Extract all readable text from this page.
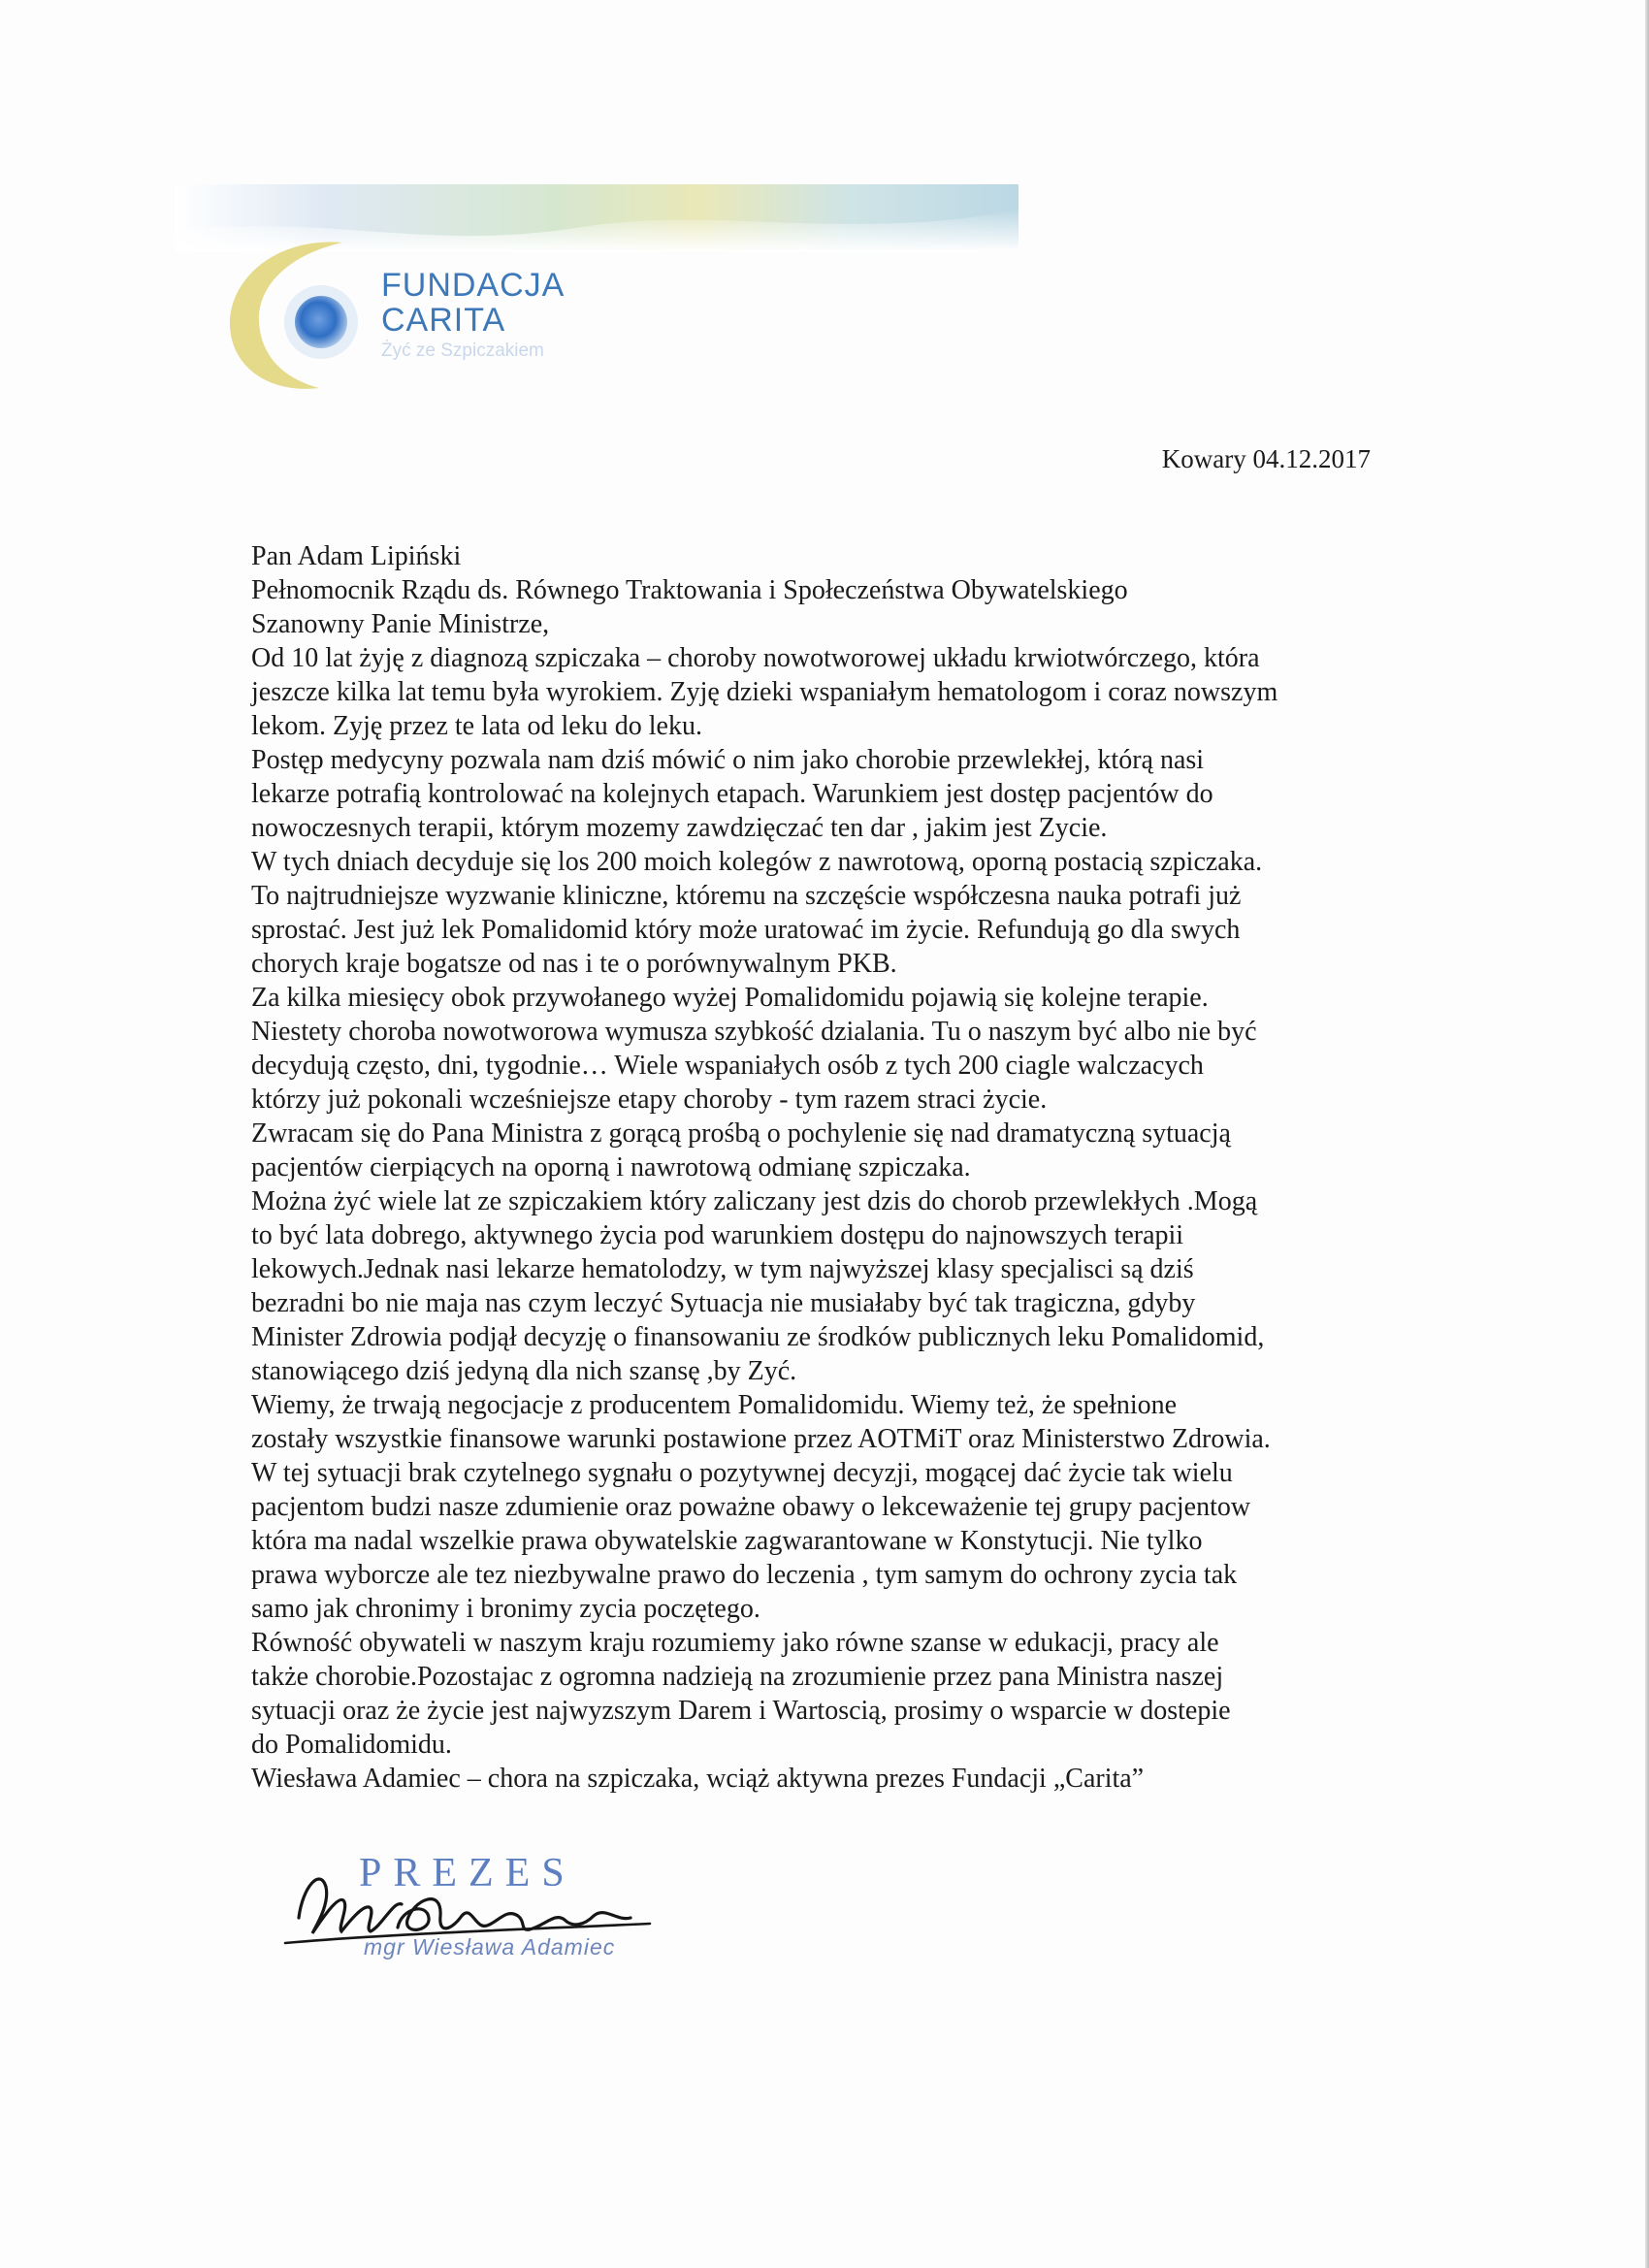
FUNDACJA
CARITA
Żyć ze Szpiczakiem
Kowary 04.12.2017

Pan Adam Lipiński

Pełnomocnik Rządu ds. Równego Traktowania i Społeczeństwa Obywatelskiego

Szanowny Panie Ministrze,

Od 10 lat żyję z diagnozą szpiczaka – choroby nowotworowej układu krwiotwórczego, która

jeszcze kilka lat temu była wyrokiem. Zyję dzieki wspaniałym hematologom i coraz nowszym

lekom. Zyję przez te lata od leku do leku.

Postęp medycyny pozwala nam dziś mówić o nim jako chorobie przewlekłej, którą nasi

lekarze potrafią kontrolować na kolejnych etapach. Warunkiem jest dostęp pacjentów do

nowoczesnych terapii, którym mozemy zawdzięczać ten dar , jakim jest Zycie.

W tych dniach decyduje się los 200 moich kolegów z nawrotową, oporną postacią szpiczaka.

To najtrudniejsze wyzwanie kliniczne, któremu na szczęście współczesna nauka potrafi już

sprostać. Jest już lek Pomalidomid który może uratować im życie. Refundują go dla swych

chorych kraje bogatsze od nas i te o porównywalnym PKB.

Za kilka miesięcy obok przywołanego wyżej Pomalidomidu pojawią się kolejne terapie.

Niestety choroba nowotworowa wymusza szybkość dzialania. Tu o naszym być albo nie być

decydują często, dni, tygodnie… Wiele wspaniałych osób z tych 200 ciagle walczacych

którzy już pokonali wcześniejsze etapy choroby - tym razem straci życie.

Zwracam się do Pana Ministra z gorącą prośbą o pochylenie się nad dramatyczną sytuacją

pacjentów cierpiących na oporną i nawrotową odmianę szpiczaka.

Można żyć wiele lat ze szpiczakiem który zaliczany jest dzis do chorob przewlekłych .Mogą

to być lata dobrego, aktywnego życia pod warunkiem dostępu do najnowszych terapii

lekowych.Jednak nasi lekarze hematolodzy, w tym najwyższej klasy specjalisci są dziś

bezradni bo nie maja nas czym leczyć Sytuacja nie musiałaby być tak tragiczna, gdyby

Minister Zdrowia podjął decyzję o finansowaniu ze środków publicznych leku Pomalidomid,

stanowiącego dziś jedyną dla nich szansę ,by Zyć.

Wiemy, że trwają negocjacje z producentem Pomalidomidu. Wiemy też, że spełnione

zostały wszystkie finansowe warunki postawione przez AOTMiT oraz Ministerstwo Zdrowia.

W tej sytuacji brak czytelnego sygnału o pozytywnej decyzji, mogącej dać życie tak wielu

pacjentom budzi nasze zdumienie oraz poważne obawy o lekceważenie tej grupy pacjentow

która ma nadal wszelkie prawa obywatelskie zagwarantowane w Konstytucji. Nie tylko

prawa wyborcze ale tez niezbywalne prawo do leczenia , tym samym do ochrony zycia tak

samo jak chronimy i bronimy zycia poczętego.

Równość obywateli w naszym kraju rozumiemy jako równe szanse w edukacji, pracy ale

także chorobie.Pozostajac z ogromna nadzieją na zrozumienie przez pana Ministra naszej

sytuacji oraz że życie jest najwyzszym Darem i Wartoscią, prosimy o wsparcie w dostepie

do Pomalidomidu.

Wiesława Adamiec – chora na szpiczaka, wciąż aktywna prezes Fundacji „Carita”

PREZES
mgr Wiesława Adamiec
